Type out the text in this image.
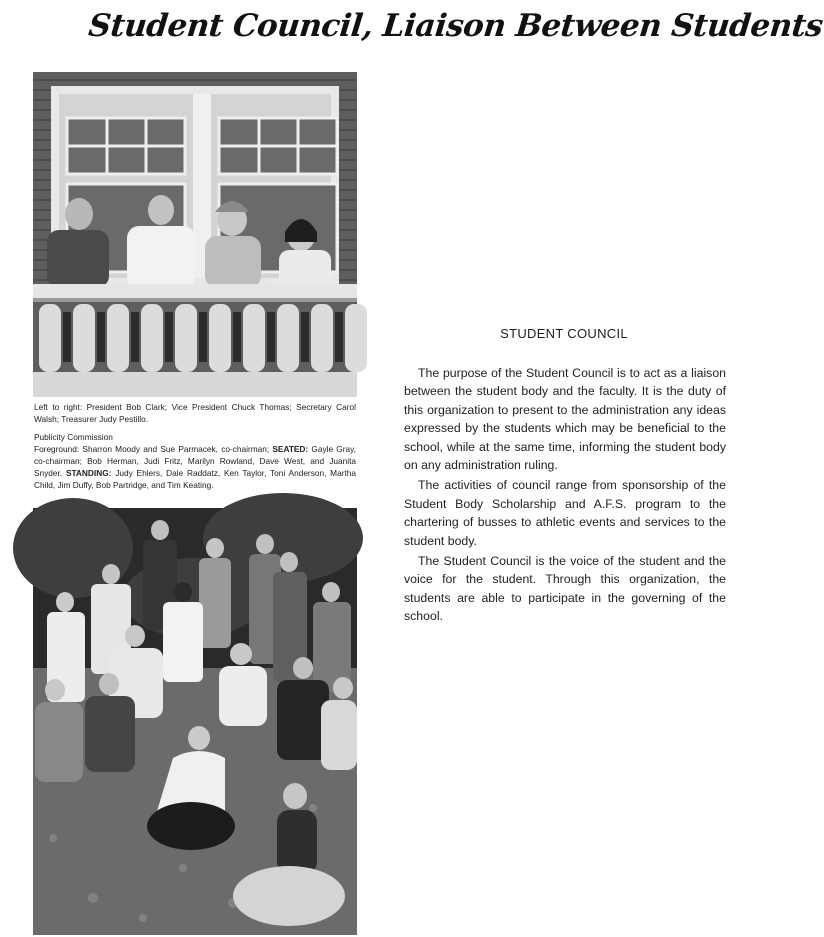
Student Council, Liaison Between Students
Left to right: President Bob Clark; Vice President Chuck Thomas; Secretary Carol Walsh; Treasurer Judy Pestillo.
Publicity Commission
Foreground: Sharron Moody and Sue Parmacek, co-chairman; SEATED: Gayle Gray, co-chairman; Bob Herman, Judi Fritz, Marilyn Rowland, Dave West, and Juanita Snyder. STANDING: Judy Ehlers, Dale Raddatz, Ken Taylor, Toni Anderson, Martha Child, Jim Duffy, Bob Partridge, and Tim Keating.
STUDENT COUNCIL

The purpose of the Student Council is to act as a liaison between the student body and the faculty. It is the duty of this organization to present to the administration any ideas expressed by the students which may be beneficial to the school, while at the same time, informing the student body on any administration ruling.

The activities of council range from sponsorship of the Student Body Scholarship and A.F.S. program to the chartering of busses to athletic events and services to the student body.

The Student Council is the voice of the student and the voice for the student. Through this organization, the students are able to participate in the governing of the school.
